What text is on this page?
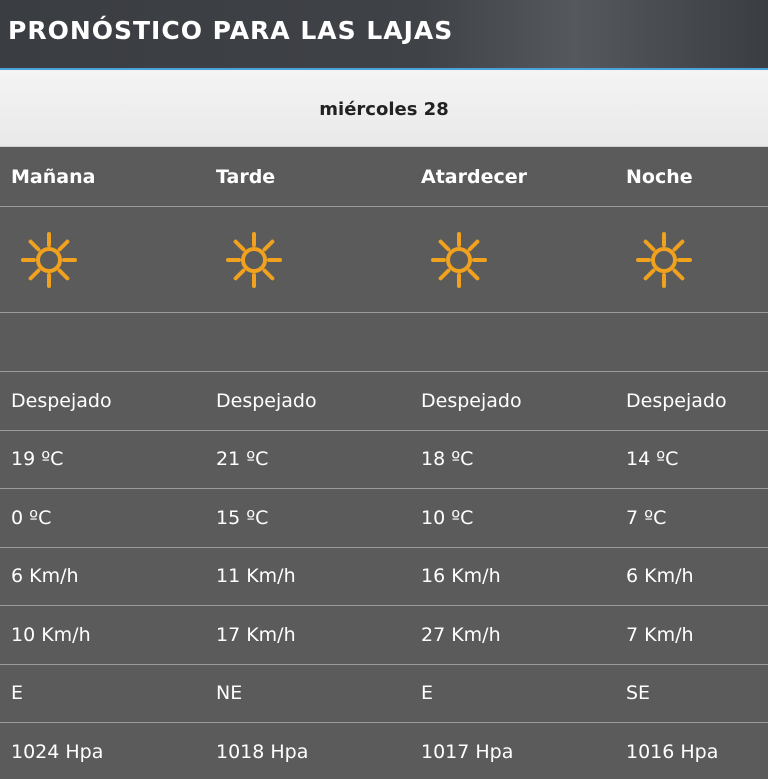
PRONÓSTICO PARA LAS LAJAS
miércoles 28
Mañana	Tarde	Atardecer	Noche
Despejado	Despejado	Despejado	Despejado
19 ºC	21 ºC	18 ºC	14 ºC
0 ºC	15 ºC	10 ºC	7 ºC
6 Km/h	11 Km/h	16 Km/h	6 Km/h
10 Km/h	17 Km/h	27 Km/h	7 Km/h
E	NE	E	SE
1024 Hpa	1018 Hpa	1017 Hpa	1016 Hpa
